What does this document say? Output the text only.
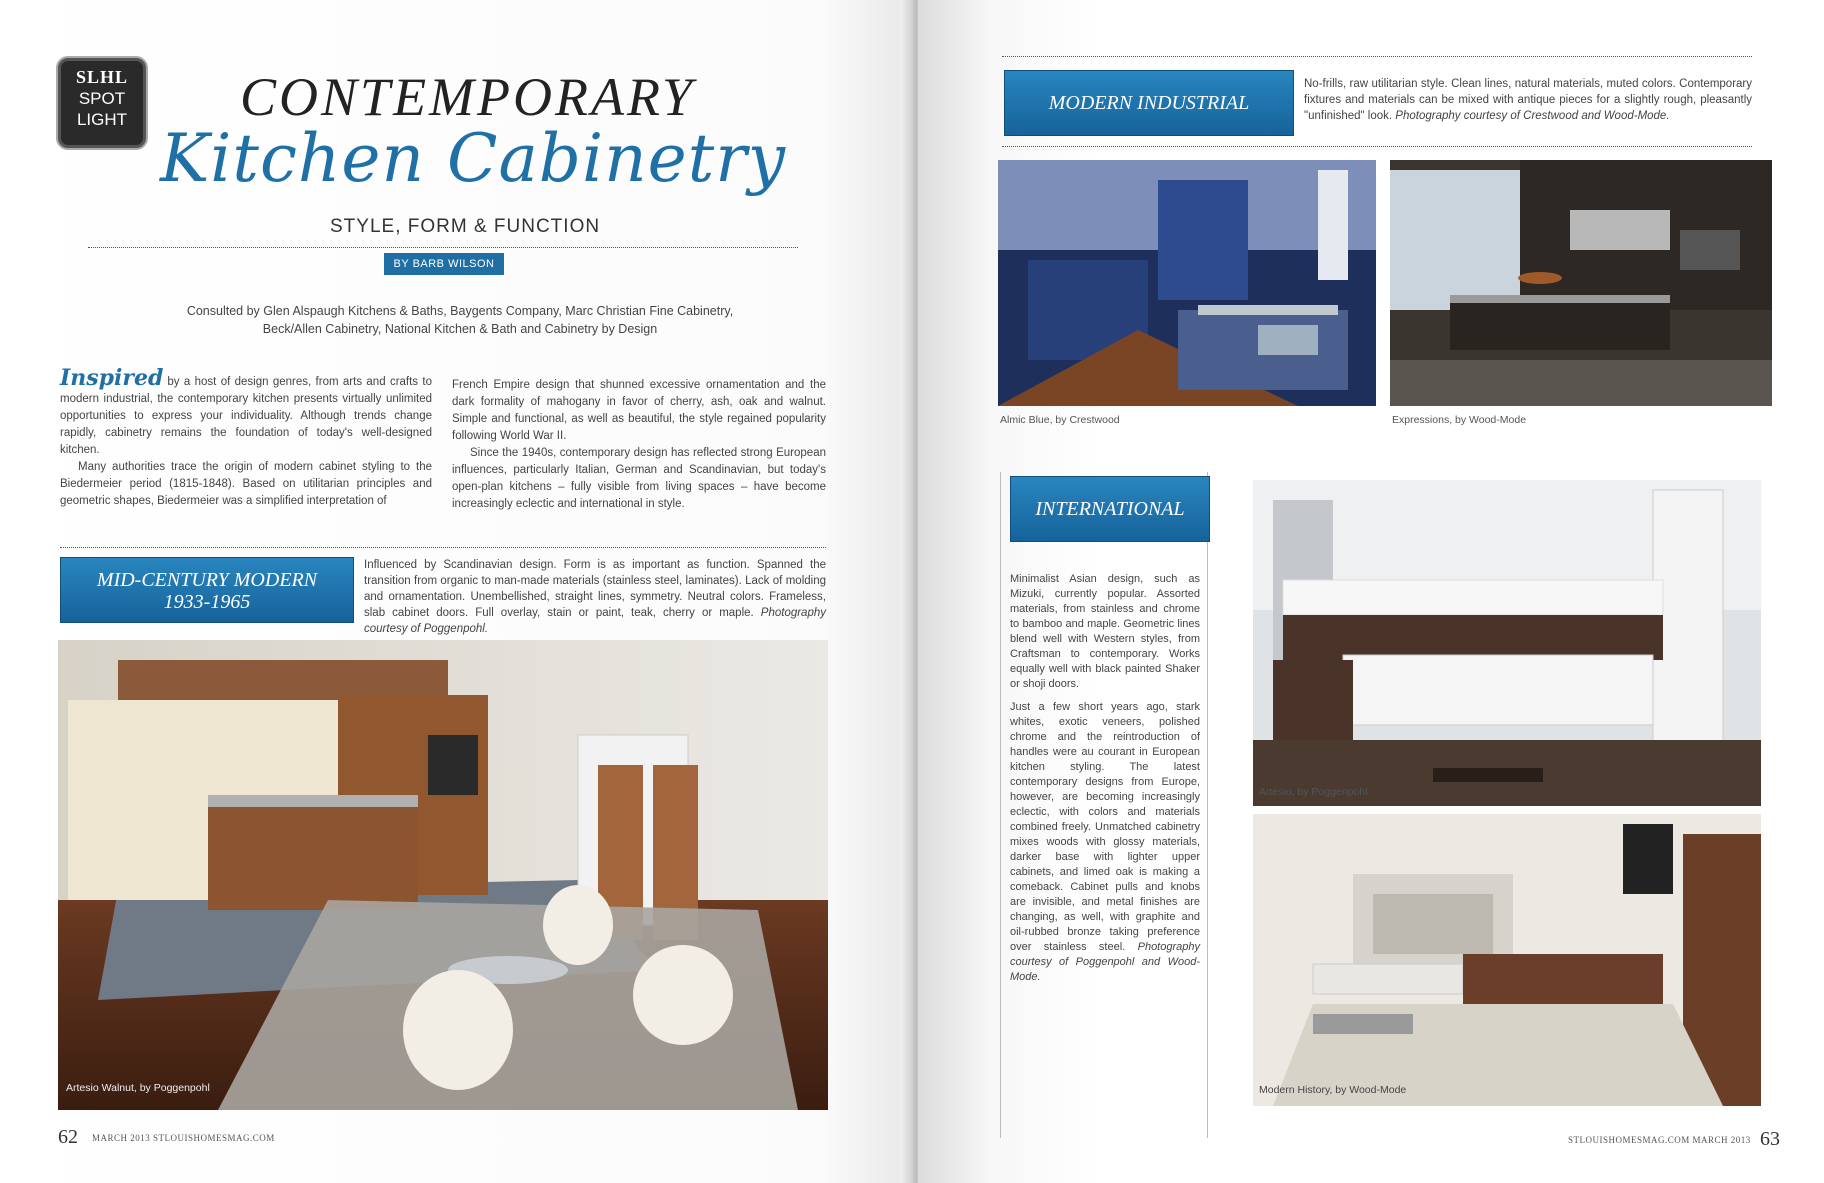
SLHL
SPOT
LIGHT CONTEMPORARY
Kitchen Cabinetry
STYLE, FORM & FUNCTION
BY BARB WILSON
Consulted by Glen Alspaugh Kitchens & Baths, Baygents Company, Marc Christian Fine Cabinetry,
Beck/Allen Cabinetry, National Kitchen & Bath and Cabinetry by Design

Inspired by a host of design genres, from arts and crafts to modern industrial, the contemporary kitchen presents virtually unlimited opportunities to express your individuality. Although trends change rapidly, cabinetry remains the foundation of today's well-designed kitchen.

Many authorities trace the origin of modern cabinet styling to the Biedermeier period (1815-1848). Based on utilitarian principles and geometric shapes, Biedermeier was a simplified interpretation of

French Empire design that shunned excessive ornamentation and the dark formality of mahogany in favor of cherry, ash, oak and walnut. Simple and functional, as well as beautiful, the style regained popularity following World War II.

Since the 1940s, contemporary design has reflected strong European influences, particularly Italian, German and Scandinavian, but today's open-plan kitchens – fully visible from living spaces – have become increasingly eclectic and international in style.

MID-CENTURY MODERN
1933-1965
Influenced by Scandinavian design. Form is as important as function. Spanned the transition from organic to man-made materials (stainless steel, laminates). Lack of molding and ornamentation. Unembellished, straight lines, symmetry. Neutral colors. Frameless, slab cabinet doors. Full overlay, stain or paint, teak, cherry or maple. Photography courtesy of Poggenpohl.
Artesio Walnut, by Poggenpohl
62 MARCH 2013 STLOUISHOMESMAG.COM
MODERN INDUSTRIAL
No-frills, raw utilitarian style. Clean lines, natural materials, muted colors. Contemporary fixtures and materials can be mixed with antique pieces for a slightly rough, pleasantly "unfinished" look. Photography courtesy of Crestwood and Wood-Mode.
Almic Blue, by Crestwood	Expressions, by Wood-Mode
INTERNATIONAL

Minimalist Asian design, such as Mizuki, currently popular. Assorted materials, from stainless and chrome to bamboo and maple. Geometric lines blend well with Western styles, from Craftsman to contemporary. Works equally well with black painted Shaker or shoji doors.

Just a few short years ago, stark whites, exotic veneers, polished chrome and the reintroduction of handles were au courant in European kitchen styling. The latest contemporary designs from Europe, however, are becoming increasingly eclectic, with colors and materials combined freely. Unmatched cabinetry mixes woods with glossy materials, darker base with lighter upper cabinets, and limed oak is making a comeback. Cabinet pulls and knobs are invisible, and metal finishes are changing, as well, with graphite and oil-rubbed bronze taking preference over stainless steel. Photography courtesy of Poggenpohl and Wood-Mode.

Artesio, by Poggenpohl
Modern History, by Wood-Mode
STLOUISHOMESMAG.COM MARCH 2013 63
